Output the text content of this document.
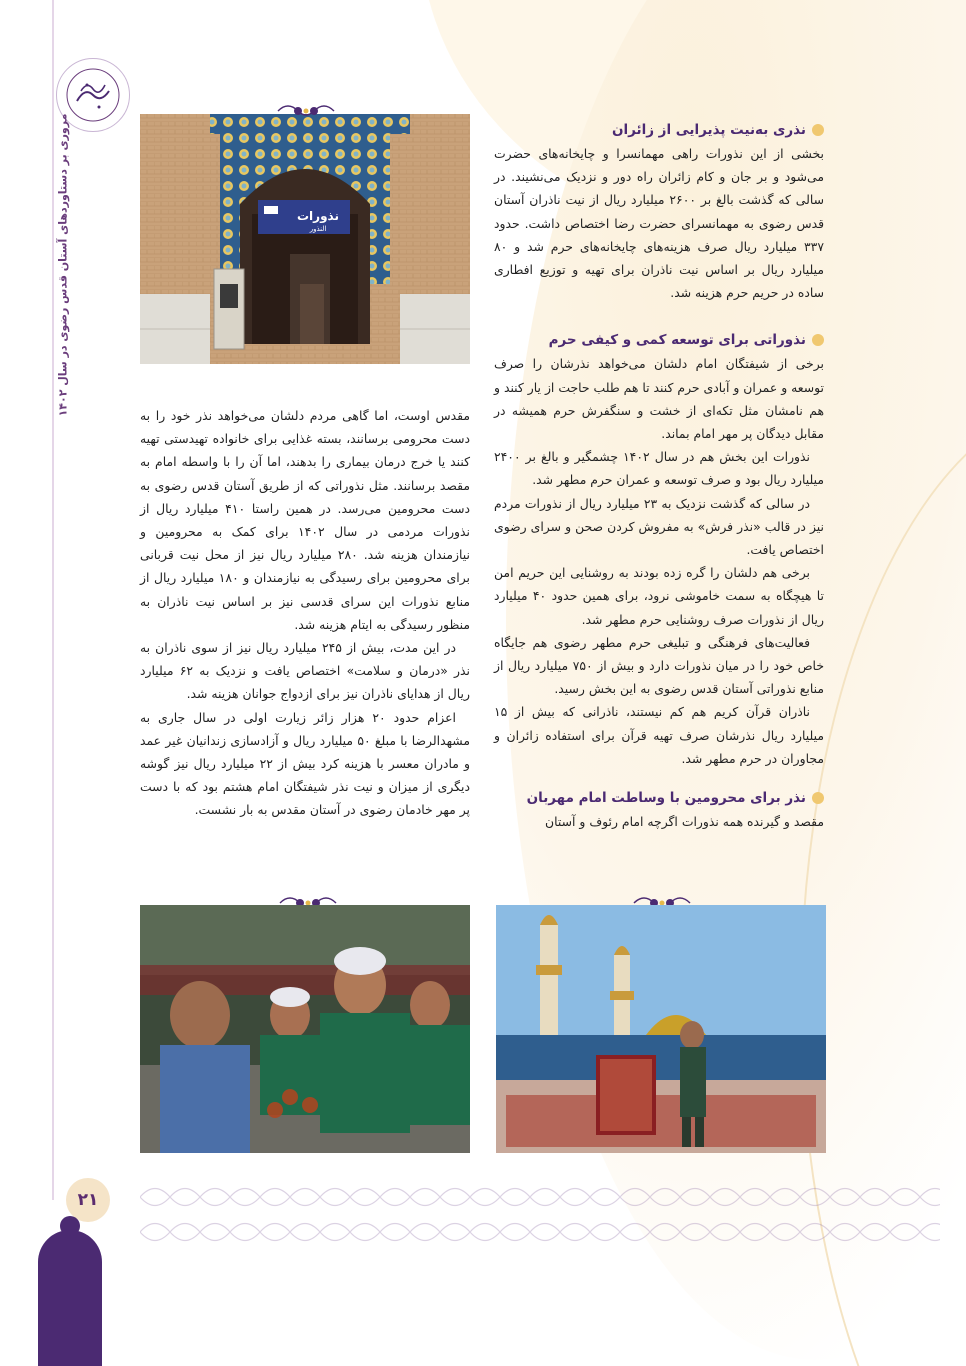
مروری بر دستاوردهای آستان قدس رضوی در سال ۱۴۰۲	نذورات
النذور
نذری به‌نیت پذیرایی از زائران

بخشی از این نذورات راهی مهمانسرا و چایخانه‌های حضرت می‌شود و بر جان و کام زائران راه دور و نزدیک می‌نشیند. در سالی که گذشت بالغ بر ۲۶۰۰ میلیارد ریال از نیت ناذران آستان قدس رضوی به مهمانسرای حضرت رضا اختصاص داشت. حدود ۳۳۷ میلیارد ریال صرف هزینه‌های چایخانه‌های حرم شد و ۸۰ میلیارد ریال بر اساس نیت ناذران برای تهیه و توزیع افطاری ساده در حریم حرم هزینه شد.

نذوراتی برای توسعه کمی و کیفی حرم

برخی از شیفتگان امام دلشان می‌خواهد نذرشان را صرف توسعه و عمران و آبادی حرم کنند تا هم طلب حاجت از یار کنند و هم نامشان مثل تکه‌ای از خشت و سنگفرش حرم همیشه در مقابل دیدگان پر مهر امام بماند.

نذورات این بخش هم در سال ۱۴۰۲ چشمگیر و بالغ بر ۲۴۰۰ میلیارد ریال بود و صرف توسعه و عمران حرم مطهر شد.

در سالی که گذشت نزدیک به ۲۳ میلیارد ریال از نذورات مردم نیز در قالب «نذر فرش» به مفروش کردن صحن و سرای رضوی اختصاص یافت.

برخی هم دلشان را گره زده بودند به روشنایی این حریم امن تا هیچگاه به سمت خاموشی نرود، برای همین حدود ۴۰ میلیارد ریال از نذورات صرف روشنایی حرم مطهر شد.

فعالیت‌های فرهنگی و تبلیغی حرم مطهر رضوی هم جایگاه خاص خود را در میان نذورات دارد و بیش از ۷۵۰ میلیارد ریال از منابع نذوراتی آستان قدس رضوی به این بخش رسید.

ناذران قرآن کریم هم کم نیستند، ناذرانی که بیش از ۱۵ میلیارد ریال نذرشان صرف تهیه قرآن برای استفاده زائران و مجاوران در حرم مطهر شد.

نذر برای محرومین با وساطت امام مهربان

مقصد و گیرنده همه نذورات اگرچه امام رئوف و آستان

مقدس اوست، اما گاهی مردم دلشان می‌خواهد نذر خود را به دست محرومی برسانند، بسته غذایی برای خانواده تهیدستی تهیه کنند یا خرج درمان بیماری را بدهند، اما آن را با واسطه امام به مقصد برسانند. مثل نذوراتی که از طریق آستان قدس رضوی به دست محرومین می‌رسد. در همین راستا ۴۱۰ میلیارد ریال از نذورات مردمی در سال ۱۴۰۲ برای کمک به محرومین و نیازمندان هزینه شد. ۲۸۰ میلیارد ریال نیز از محل نیت قربانی برای محرومین برای رسیدگی به نیازمندان و ۱۸۰ میلیارد ریال از منابع نذورات این سرای قدسی نیز بر اساس نیت ناذران به منظور رسیدگی به ایتام هزینه شد.

در این مدت، بیش از ۲۴۵ میلیارد ریال نیز از سوی ناذران به نذر «درمان و سلامت» اختصاص یافت و نزدیک به ۶۲ میلیارد ریال از هدایای ناذران نیز برای ازدواج جوانان هزینه شد.

اعزام حدود ۲۰ هزار زائر زیارت اولی در سال جاری به مشهدالرضا با مبلغ ۵۰ میلیارد ریال و آزادسازی زندانیان غیر عمد و مادران معسر با هزینه کرد بیش از ۲۲ میلیارد ریال نیز گوشه دیگری از میزان و نیت نذر شیفتگان امام هشتم بود که با دست پر مهر خادمان رضوی در آستان مقدس به بار نشست.

۲۱
